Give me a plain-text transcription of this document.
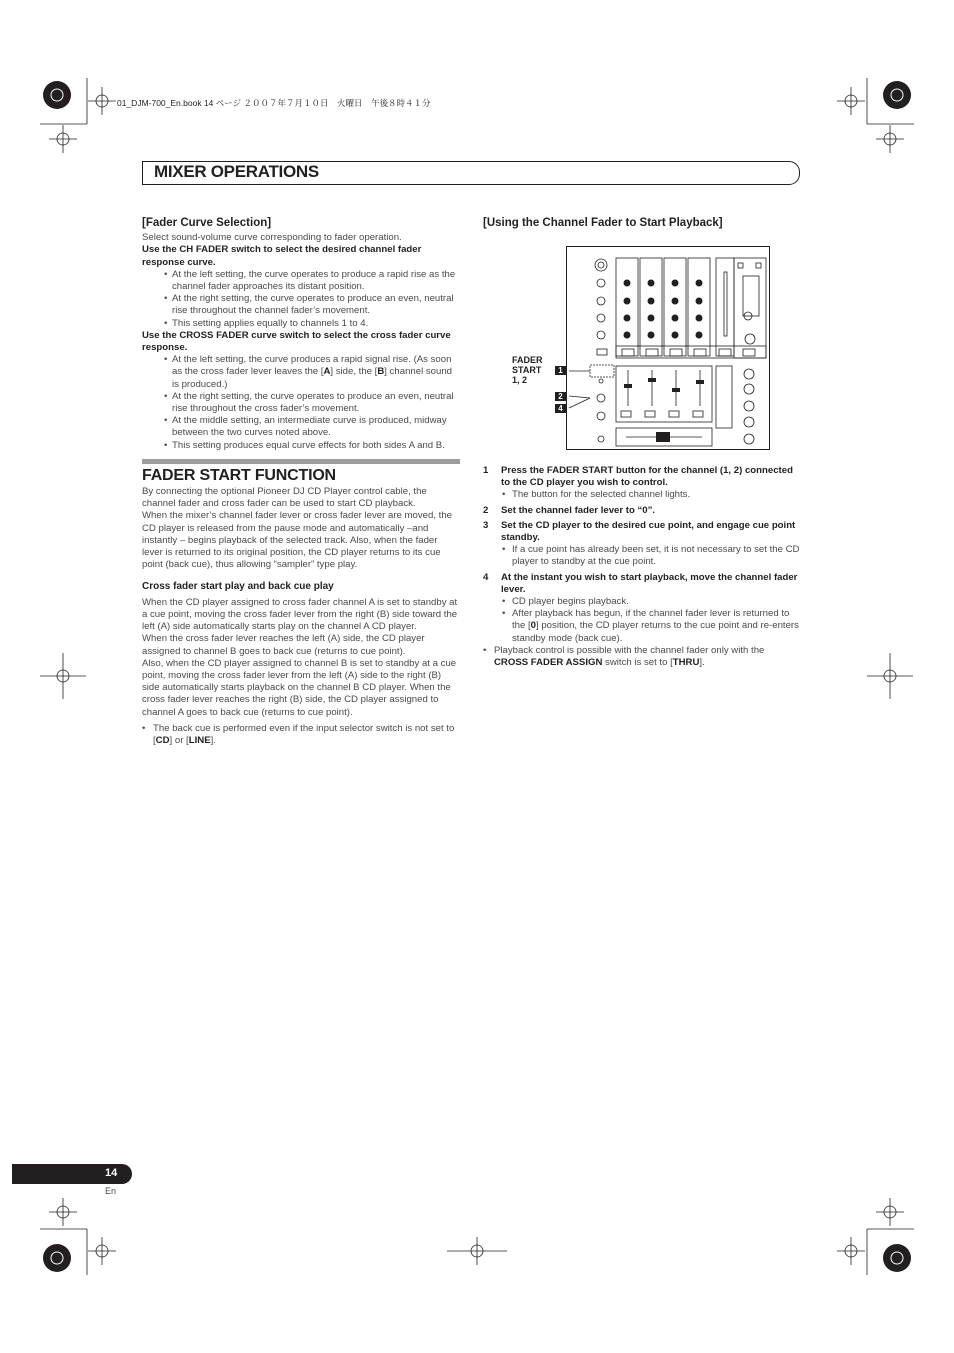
01_DJM-700_En.book 14 ページ ２００７年７月１０日　火曜日　午後８時４１分
MIXER OPERATIONS
[Fader Curve Selection]

Select sound-volume curve corresponding to fader operation.

Use the CH FADER switch to select the desired channel fader response curve.

• At the left setting, the curve operates to produce a rapid rise as the channel fader approaches its distant position.

• At the right setting, the curve operates to produce an even, neutral rise throughout the channel fader’s movement.

• This setting applies equally to channels 1 to 4.

Use the CROSS FADER curve switch to select the cross fader curve response.

• At the left setting, the curve produces a rapid signal rise. (As soon as the cross fader lever leaves the [A] side, the [B] channel sound is produced.)

• At the right setting, the curve operates to produce an even, neutral rise throughout the cross fader’s movement.

• At the middle setting, an intermediate curve is produced, midway between the two curves noted above.

• This setting produces equal curve effects for both sides A and B.

FADER START FUNCTION

By connecting the optional Pioneer DJ CD Player control cable, the channel fader and cross fader can be used to start CD playback.

When the mixer’s channel fader lever or cross fader lever are moved, the CD player is released from the pause mode and automatically –and instantly – begins playback of the selected track. Also, when the fader lever is returned to its original position, the CD player returns to its cue point (back cue), thus allowing “sampler” type play.

Cross fader start play and back cue play

When the CD player assigned to cross fader channel A is set to standby at a cue point, moving the cross fader lever from the right (B) side toward the left (A) side automatically starts play on the channel A CD player.

When the cross fader lever reaches the left (A) side, the CD player assigned to channel B goes to back cue (returns to cue point).

Also, when the CD player assigned to channel B is set to standby at a cue point, moving the cross fader lever from the left (A) side to the right (B) side automatically starts playback on the channel B CD player. When the cross fader lever reaches the right (B) side, the CD player assigned to channel A goes to back cue (returns to cue point).

• The back cue is performed even if the input selector switch is not set to [CD] or [LINE].

[Using the Channel Fader to Start Playback]
FADER
START
1, 2
1
2
4

1 Press the FADER START button for the channel (1, 2) connected to the CD player you wish to control.

• The button for the selected channel lights.

2 Set the channel fader lever to “0”.

3 Set the CD player to the desired cue point, and engage cue point standby.

• If a cue point has already been set, it is not necessary to set the CD player to standby at the cue point.

4 At the instant you wish to start playback, move the channel fader lever.

• CD player begins playback.

• After playback has begun, if the channel fader lever is returned to the [0] position, the CD player returns to the cue point and re-enters standby mode (back cue).

• Playback control is possible with the channel fader only with the CROSS FADER ASSIGN switch is set to [THRU].

14
En
